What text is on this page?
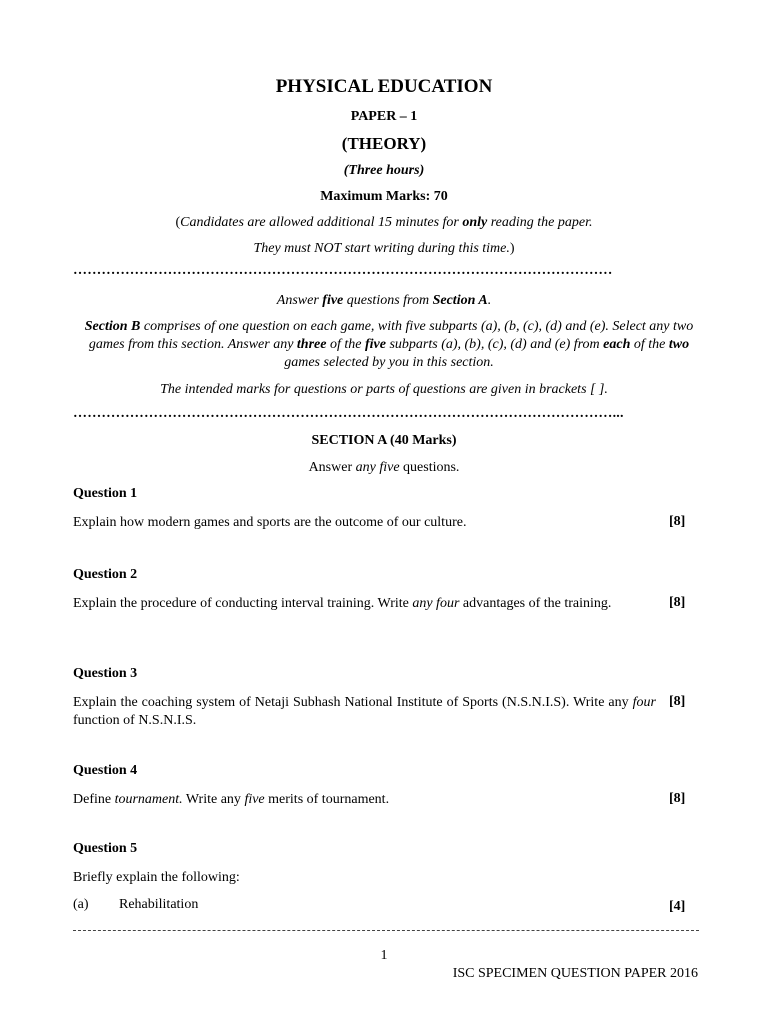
PHYSICAL EDUCATION
PAPER – 1
(THEORY)
(Three hours)
Maximum Marks: 70
(Candidates are allowed additional 15 minutes for only reading the paper.
They must NOT start writing during this time.)
……………………………………………………………………………………………………
Answer five questions from Section A.
Section B comprises of one question on each game, with five subparts (a), (b, (c), (d) and (e). Select any two games from this section. Answer any three of the five subparts (a), (b), (c), (d) and (e) from each of the two games selected by you in this section.
The intended marks for questions or parts of questions are given in brackets [ ].
……………………………………………………………………………………………………...
SECTION A (40 Marks)
Answer any five questions.
Question 1
Explain how modern games and sports are the outcome of our culture.	[8]
Question 2
Explain the procedure of conducting interval training. Write any four advantages of the training.	[8]
Question 3
Explain the coaching system of Netaji Subhash National Institute of Sports (N.S.N.I.S). Write any four function of N.S.N.I.S.
[8]
Question 4
Define tournament. Write any five merits of tournament.	[8]
Question 5
Briefly explain the following:
(a) Rehabilitation	[4]
1
ISC SPECIMEN QUESTION PAPER 2016
